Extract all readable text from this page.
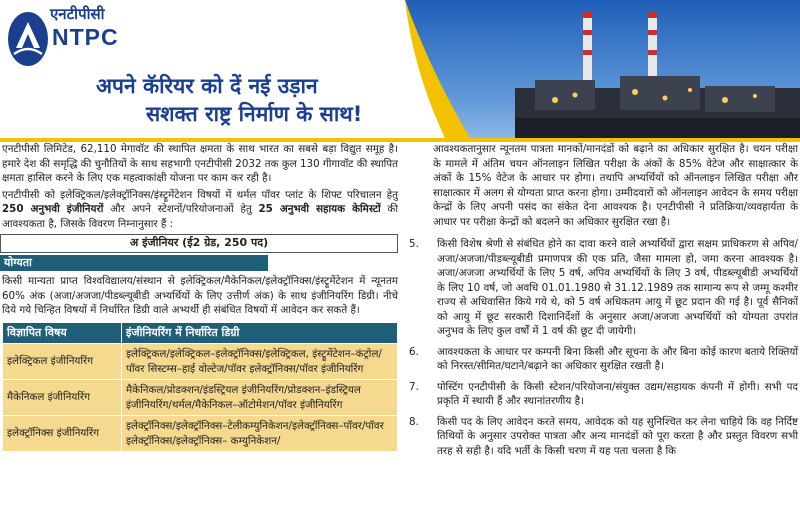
एनटीपीसी
NTPC
अपने कॅरियर को दें नई उड़ान
सशक्त राष्ट्र निर्माण के साथ!

एनटीपीसी लिमिटेड, 62,110 मेगावॉट की स्थापित क्षमता के साथ भारत का सबसे बड़ा विद्युत समूह है। हमारे देश की समृद्धि की चुनौतियों के साथ सहभागी एनटीपीसी 2032 तक कुल 130 गीगावॉट की स्थापित क्षमता हासिल करने के लिए एक महत्वाकांक्षी योजना पर काम कर रही है।

एनटीपीसी को इलेक्ट्रिकल/इलेक्ट्रॉनिक्स/इंस्ट्रूमेंटेशन विषयों में थर्मल पॉवर प्लांट के शिफ्ट परिचालन हेतु 250 अनुभवी इंजीनियरों और अपने स्टेशनों/परियोजनाओं हेतु 25 अनुभवी सहायक केमिस्टों की आवश्यकता है, जिसके विवरण निम्नानुसार हैं :

अ इंजीनियर (ई2 ग्रेड, 250 पद)
योग्यता

किसी मान्यता प्राप्त विश्वविद्यालय/संस्थान से इलेक्ट्रिकल/मैकेनिकल/इलेक्ट्रॉनिक्स/इंस्ट्रूमेंटेशन में न्यूनतम 60% अंक (अजा/अजजा/पीडब्ल्यूबीडी अभ्यर्थियों के लिए उत्तीर्ण अंक) के साथ इंजीनियरिंग डिग्री। नीचे दिये गये चिन्हित विषयों में निर्धारित डिग्री वाले अभ्यर्थी ही संबंधित विषयों में आवेदन कर सकते हैं।

विज्ञापित विषय	इंजीनियरिंग में निर्धारित डिग्री
इलेक्ट्रिकल इंजीनियरिंग	इलेक्ट्रिकल/इलेक्ट्रिकल–इलेक्ट्रॉनिक्स/इलेक्ट्रिकल, इंस्ट्रूमेंटेशन–कंट्रोल/पॉवर सिस्टम्स–हाई वोल्टेज/पॉवर इलेक्ट्रॉनिक्स/पॉवर इंजीनियरिंग
मैकेनिकल इंजीनियरिंग	मैकेनिकल/प्रोडक्शन/इंडस्ट्रियल इंजीनियरिंग/प्रोडक्शन–इंडस्ट्रियल इंजीनियरिंग/थर्मल/मैकेनिकल–ऑटोमेशन/पॉवर इंजीनियरिंग
इलेक्ट्रॉनिक्स इंजीनियरिंग	इलेक्ट्रॉनिक्स/इलेक्ट्रॉनिक्स–टेलीकम्युनिकेशन/इलेक्ट्रॉनिक्स–पॉवर/पॉवर इलेक्ट्रॉनिक्स/इलेक्ट्रॉनिक्स– कम्युनिकेशन/

आवश्यकतानुसार न्यूनतम पात्रता मानकों/मानदंडों को बढ़ाने का अधिकार सुरक्षित है। चयन परीक्षा के मामले में अंतिम चयन ऑनलाइन लिखित परीक्षा के अंकों के 85% वेटेज और साक्षात्कार के अंकों के 15% वेटेज के आधार पर होगा। तथापि अभ्यर्थियों को ऑनलाइन लिखित परीक्षा और साक्षात्कार में अलग से योग्यता प्राप्त करना होगा। उम्मीदवारों को ऑनलाइन आवेदन के समय परीक्षा केन्द्रों के लिए अपनी पसंद का संकेत देना आवश्यक है। एनटीपीसी ने प्रतिक्रिया/व्यवहार्यता के आधार पर परीक्षा केन्द्रों को बदलने का अधिकार सुरक्षित रखा है।

5. किसी विशेष श्रेणी से संबंधित होने का दावा करने वाले अभ्यर्थियों द्वारा सक्षम प्राधिकरण से अपिव/अजा/अजजा/पीडब्ल्यूबीडी प्रमाणपत्र की एक प्रति, जैसा मामला हो, जमा करना आवश्यक है। अजा/अजजा अभ्यर्थियों के लिए 5 वर्ष, अपिव अभ्यर्थियों के लिए 3 वर्ष, पीडब्ल्यूबीडी अभ्यर्थियों के लिए 10 वर्ष, जो अवधि 01.01.1980 से 31.12.1989 तक सामान्य रूप से जम्मू कश्मीर राज्य से अधिवासित किये गये थे, को 5 वर्ष अधिकतम आयु में छूट प्रदान की गई है। पूर्व सैनिकों को आयु में छूट सरकारी दिशानिर्देशों के अनुसार अजा/अजजा अभ्यर्थियों को योग्यता उपरांत अनुभव के लिए कुल वर्षों में 1 वर्ष की छूट दी जायेगी।
6. आवश्यकता के आधार पर कम्पनी बिना किसी और सूचना के और बिना कोई कारण बताये रिक्तियों को निरस्त/सीमित/घटाने/बढ़ाने का अधिकार सुरक्षित रखती है।
7. पोस्टिंग एनटीपीसी के किसी स्टेशन/परियोजना/संयुक्त उद्यम/सहायक कंपनी में होगी। सभी पद प्रकृति में स्थायी हैं और स्थानांतरणीय है।
8. किसी पद के लिए आवेदन करते समय, आवेदक को यह सुनिश्चित कर लेना चाहिये कि वह निर्दिष्ट तिथियों के अनुसार उपरोक्त पात्रता और अन्य मानदंडों को पूरा करता है और प्रस्तुत विवरण सभी तरह से सही है। यदि भर्ती के किसी चरण में यह पता चलता है कि
